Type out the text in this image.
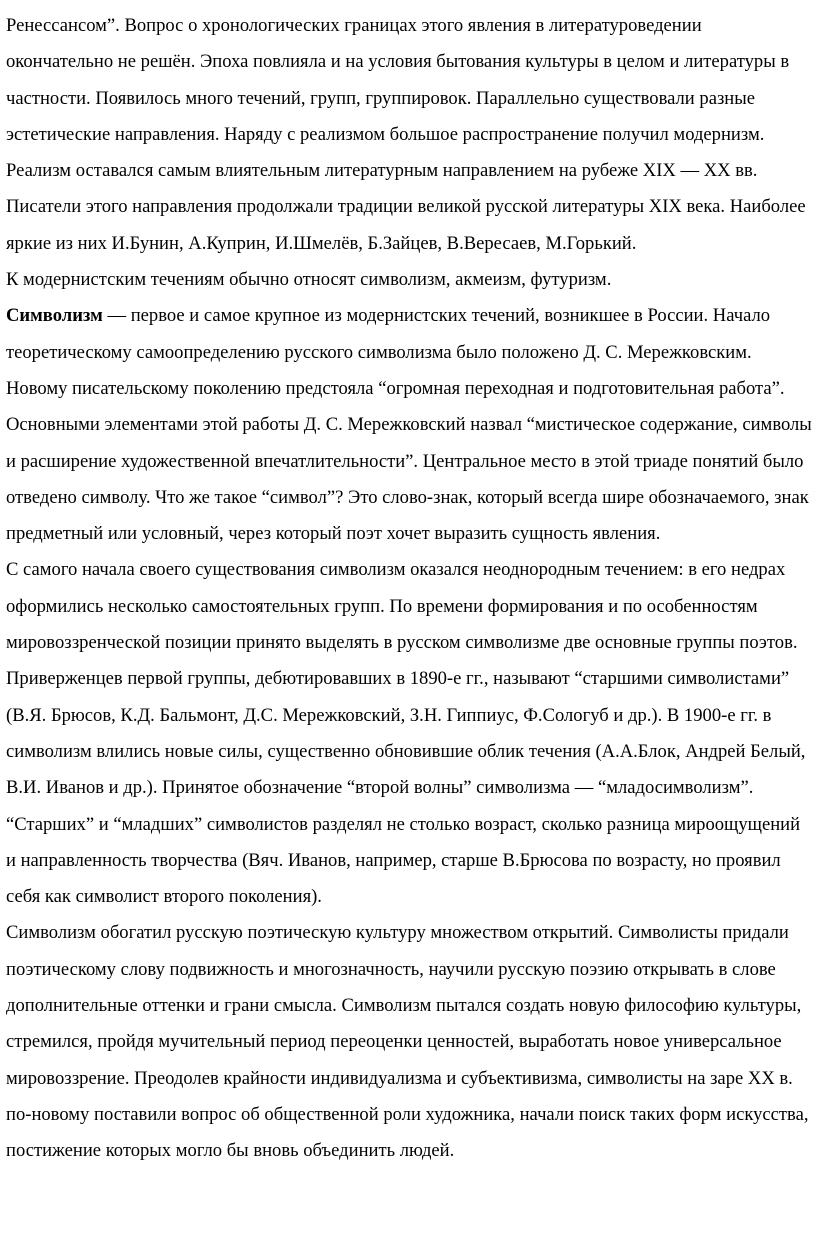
Ренессансом”. Вопрос о хронологических границах этого явления в литературоведении окончательно не решён. Эпоха повлияла и на условия бытования культуры в целом и литературы в частности. Появилось много течений, групп, группировок. Параллельно существовали разные эстетические направления. Наряду с реализмом большое распространение получил модернизм.

Реализм оставался самым влиятельным литературным направлением на рубеже XIX — XX вв. Писатели этого направления продолжали традиции великой русской литературы XIX века. Наиболее яркие из них И.Бунин, А.Куприн, И.Шмелёв, Б.Зайцев, В.Вересаев, М.Горький.

К модернистским течениям обычно относят символизм, акмеизм, футуризм.

Символизм — первое и самое крупное из модернистских течений, возникшее в России. Начало теоретическому самоопределению русского символизма было положено Д. С. Мережковским. Новому писательскому поколению предстояла “огромная переходная и подготовительная работа”. Основными элементами этой работы Д. С. Мережковский назвал “мистическое содержание, символы и расширение художественной впечатлительности”. Центральное место в этой триаде понятий было отведено символу. Что же такое “символ”? Это слово-знак, который всегда шире обозначаемого, знак предметный или условный, через который поэт хочет выразить сущность явления.

С самого начала своего существования символизм оказался неоднородным течением: в его недрах оформились несколько самостоятельных групп. По времени формирования и по особенностям мировоззренческой позиции принято выделять в русском символизме две основные группы поэтов. Приверженцев первой группы, дебютировавших в 1890-е гг., называют “старшими символистами” (В.Я. Брюсов, К.Д. Бальмонт, Д.С. Мережковский, З.Н. Гиппиус, Ф.Сологуб и др.). В 1900-е гг. в символизм влились новые силы, существенно обновившие облик течения (А.А.Блок, Андрей Белый, В.И. Иванов и др.). Принятое обозначение “второй волны” символизма — “младосимволизм”. “Старших” и “младших” символистов разделял не столько возраст, сколько разница мироощущений и направленность творчества (Вяч. Иванов, например, старше В.Брюсова по возрасту, но проявил себя как символист второго поколения).

Символизм обогатил русскую поэтическую культуру множеством открытий. Символисты придали поэтическому слову подвижность и многозначность, научили русскую поэзию открывать в слове дополнительные оттенки и грани смысла. Символизм пытался создать новую философию культуры, стремился, пройдя мучительный период переоценки ценностей, выработать новое универсальное мировоззрение. Преодолев крайности индивидуализма и субъективизма, символисты на заре XX в. по-новому поставили вопрос об общественной роли художника, начали поиск таких форм искусства, постижение которых могло бы вновь объединить людей.
